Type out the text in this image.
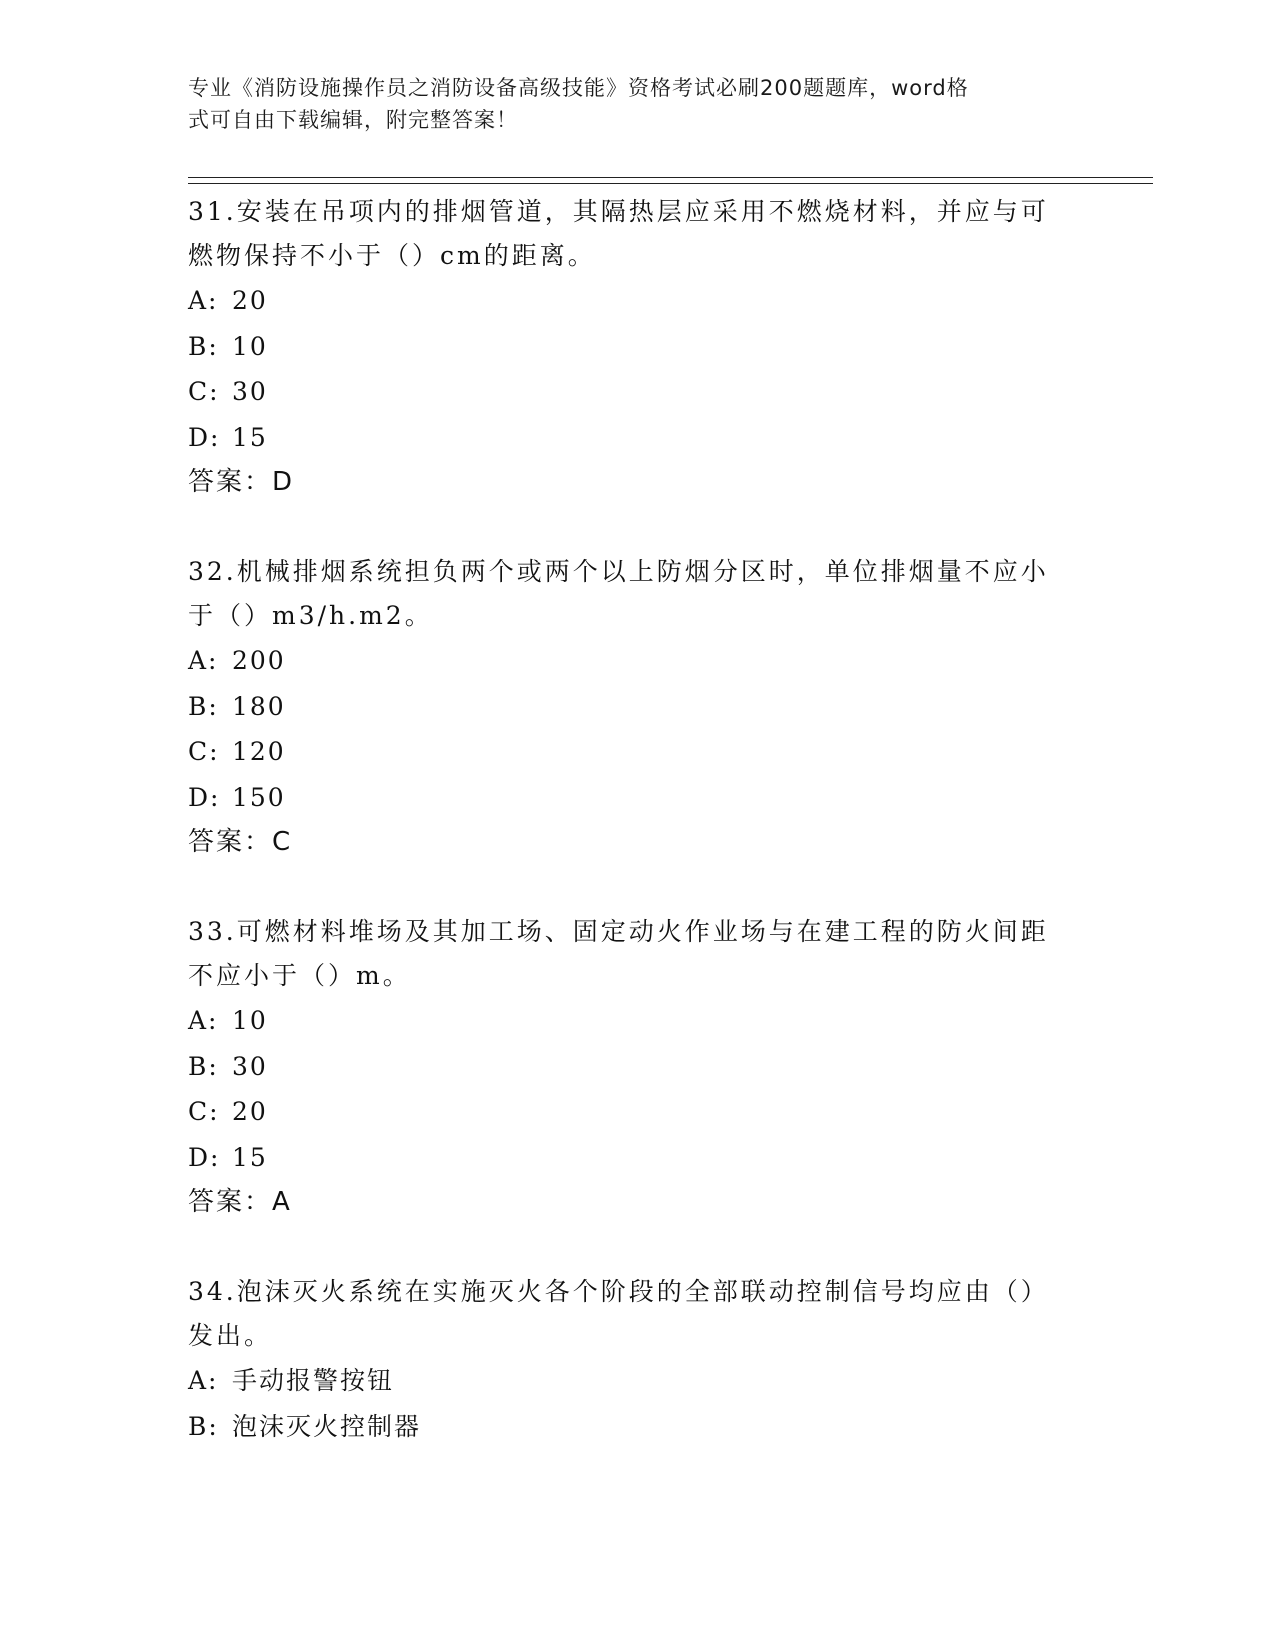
专业《消防设施操作员之消防设备高级技能》资格考试必刷200题题库，word格
式可自由下载编辑，附完整答案！

31.安装在吊项内的排烟管道，其隔热层应采用不燃烧材料，并应与可
燃物保持不小于（）cm的距离。

A: 20
B: 10
C: 30
D: 15

答案：D

32.机械排烟系统担负两个或两个以上防烟分区时，单位排烟量不应小
于（）m3/h.m2。

A: 200
B: 180
C: 120
D: 150

答案：C

33.可燃材料堆场及其加工场、固定动火作业场与在建工程的防火间距
不应小于（）m。

A: 10
B: 30
C: 20
D: 15

答案：A

34.泡沫灭火系统在实施灭火各个阶段的全部联动控制信号均应由（）
发出。

A: 手动报警按钮
B: 泡沫灭火控制器
